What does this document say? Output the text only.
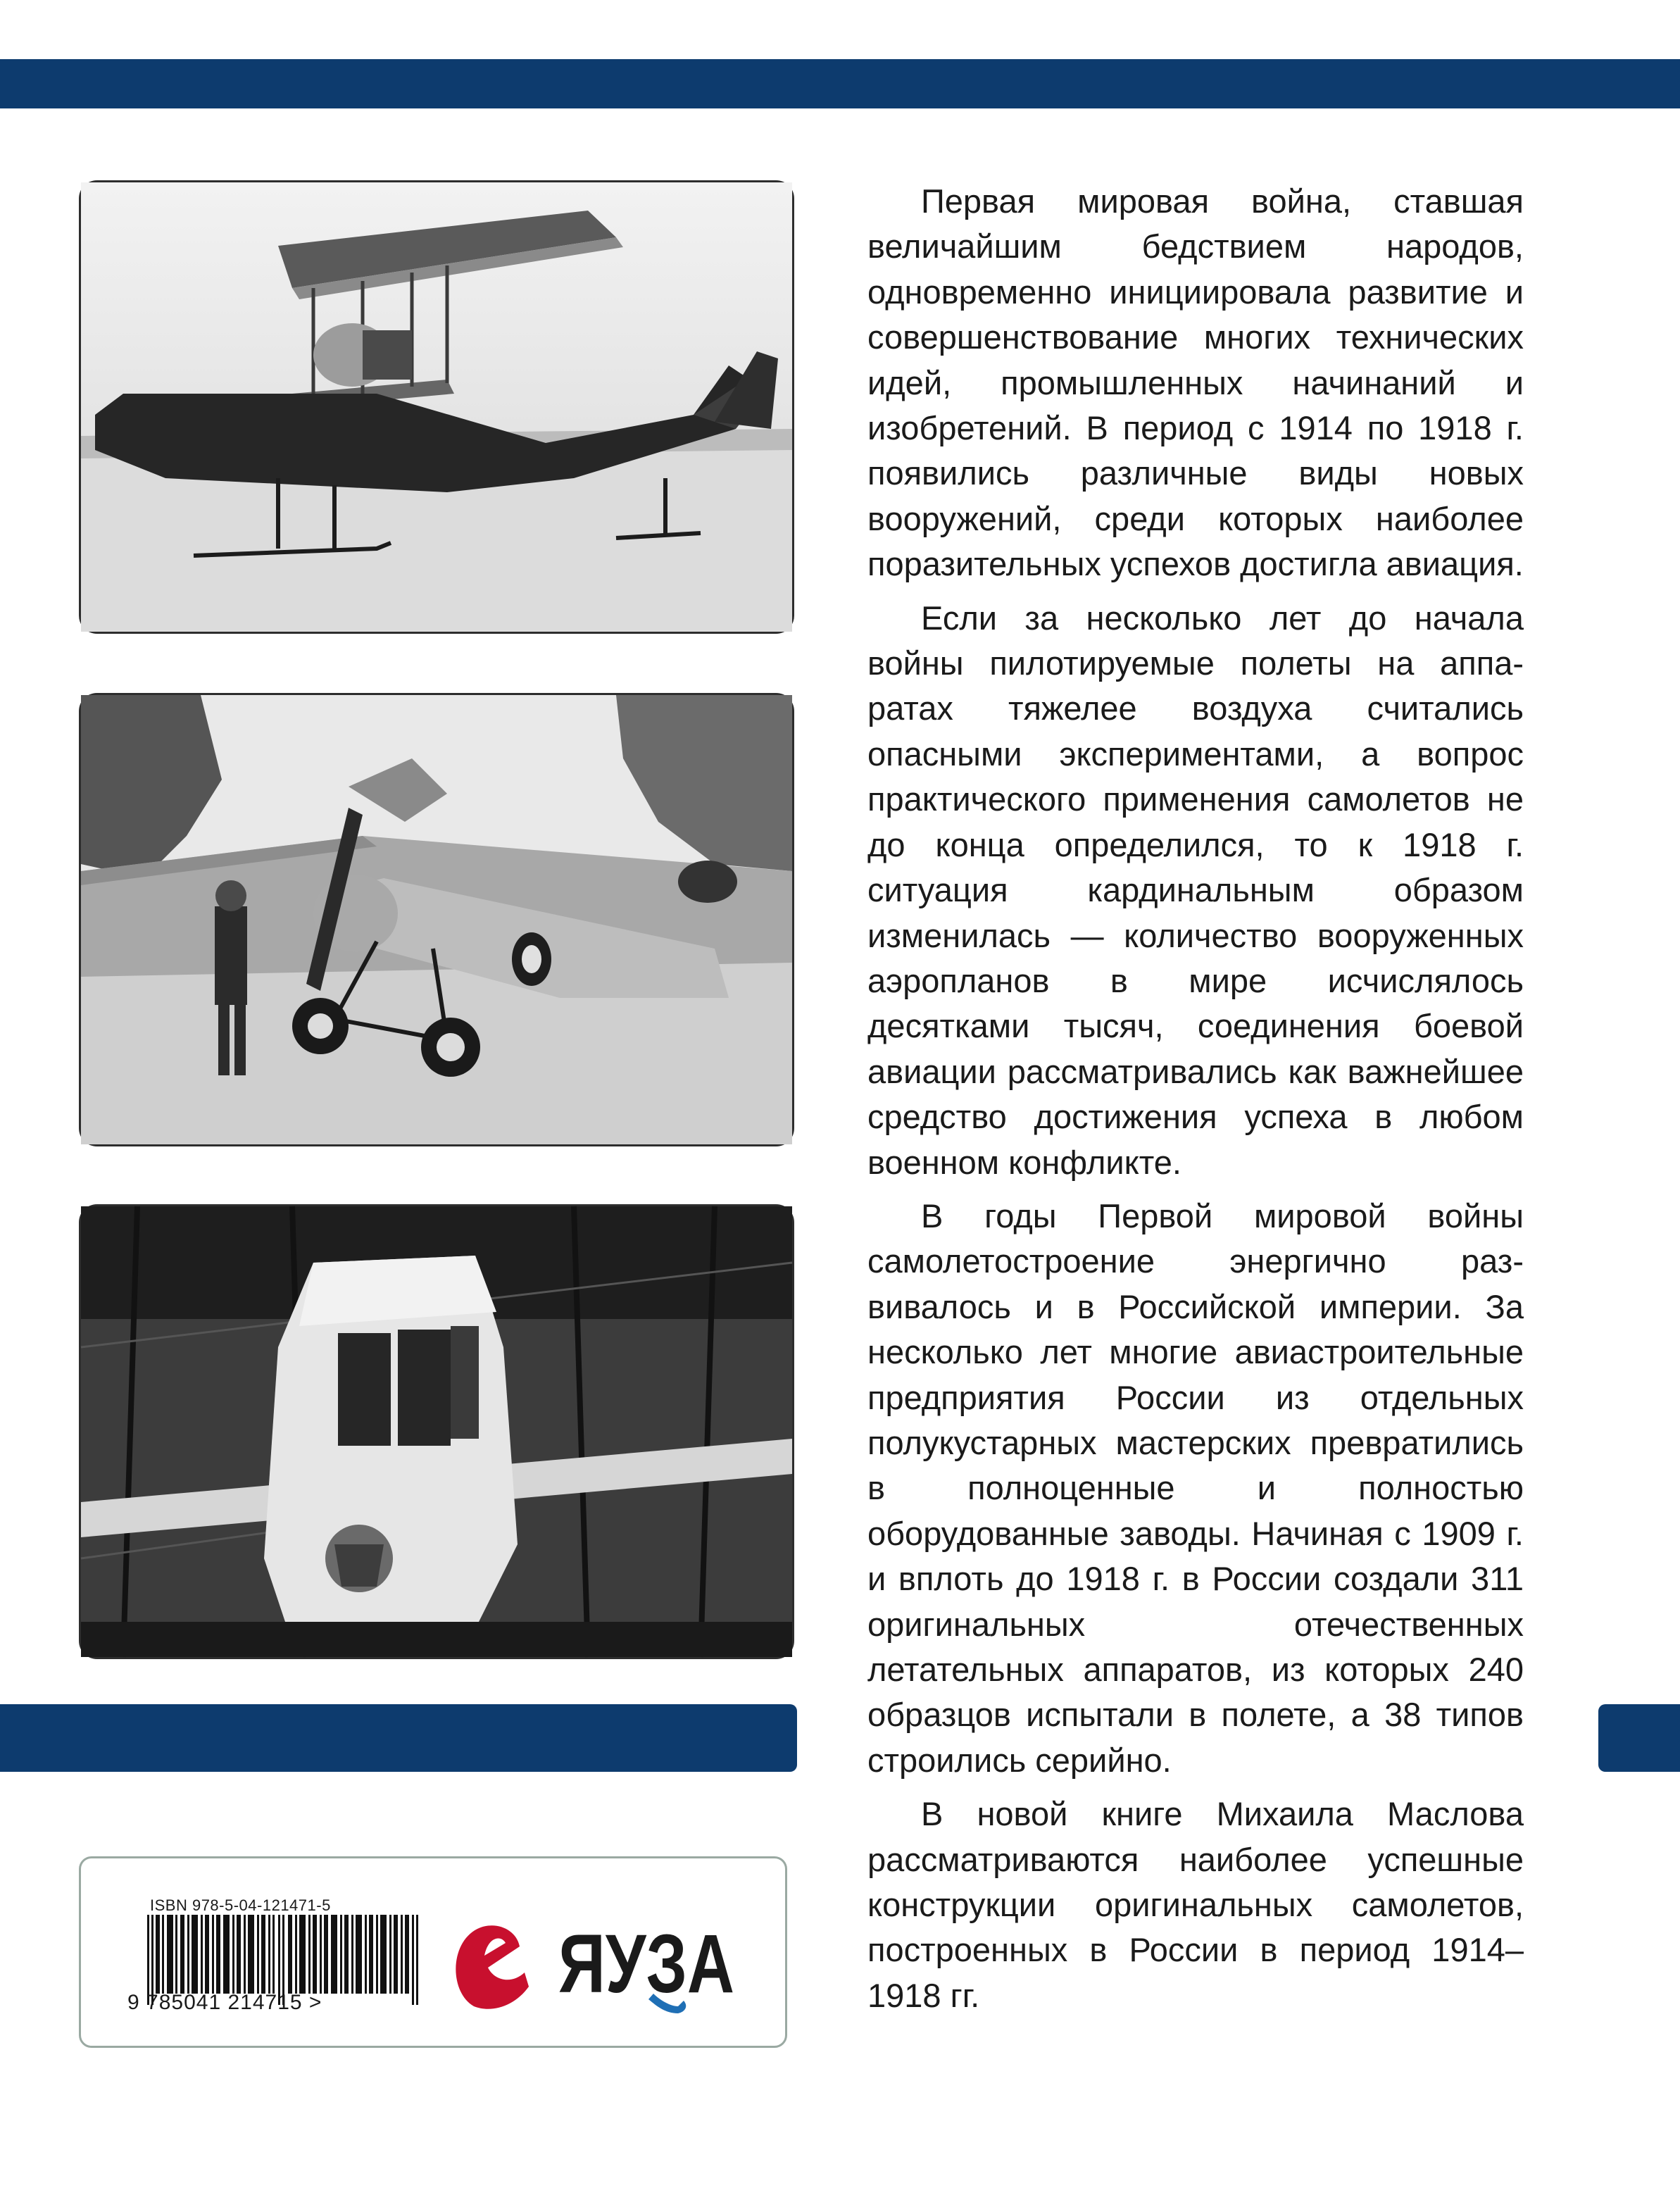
Первая мировая война, ставшая величайшим бедствием народов, одновременно инициировала развитие и совершенствование многих технических идей, промышленных начинаний и изобретений. В период с 1914 по 1918 г. появились различные виды новых вооружений, среди которых наиболее поразительных успехов достигла авиация.

Если за несколько лет до начала войны пилотируемые полеты на аппаратах тяжелее воздуха считались опасными экспериментами, а вопрос практического применения самолетов не до конца определился, то к 1918 г. ситуация кардинальным образом изменилась — количество вооруженных аэропланов в мире исчислялось десятками тысяч, соединения боевой авиации рассматривались как важнейшее средство достижения успеха в любом военном конфликте.

В годы Первой мировой войны самолетостроение энергично развивалось и в Российской империи. За несколько лет многие авиастроительные предприятия России из отдельных полукустарных мастерских превратились в полноценные и полностью оборудованные заводы. Начиная с 1909 г. и вплоть до 1918 г. в России создали 311 оригинальных отечественных летательных аппаратов, из которых 240 образцов испытали в полете, а 38 типов строились серийно.

В новой книге Михаила Маслова рассматриваются наиболее успешные конструкции оригинальных самолетов, построенных в России в период 1914–1918 гг.

ISBN 978-5-04-121471-5
9 785041 214715 >	ЯУЗА
